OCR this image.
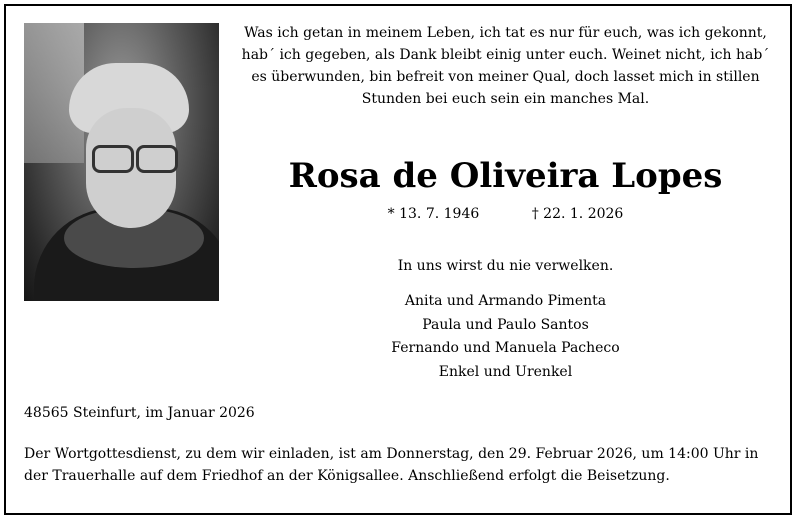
Was ich getan in meinem Leben, ich tat es nur für euch, was ich gekonnt,
hab´ ich gegeben, als Dank bleibt einig unter euch. Weinet nicht, ich hab´
es überwunden, bin befreit von meiner Qual, doch lasset mich in stillen
Stunden bei euch sein ein manches Mal.

Rosa de Oliveira Lopes
* 13. 7. 1946	† 22. 1. 2026

In uns wirst du nie verwelken.

Anita und Armando Pimenta
Paula und Paulo Santos
Fernando und Manuela Pacheco
Enkel und Urenkel

48565 Steinfurt, im Januar 2026

Der Wortgottesdienst, zu dem wir einladen, ist am Donnerstag, den 29. Februar 2026, um 14:00 Uhr in
der Trauerhalle auf dem Friedhof an der Königsallee. Anschließend erfolgt die Beisetzung.
